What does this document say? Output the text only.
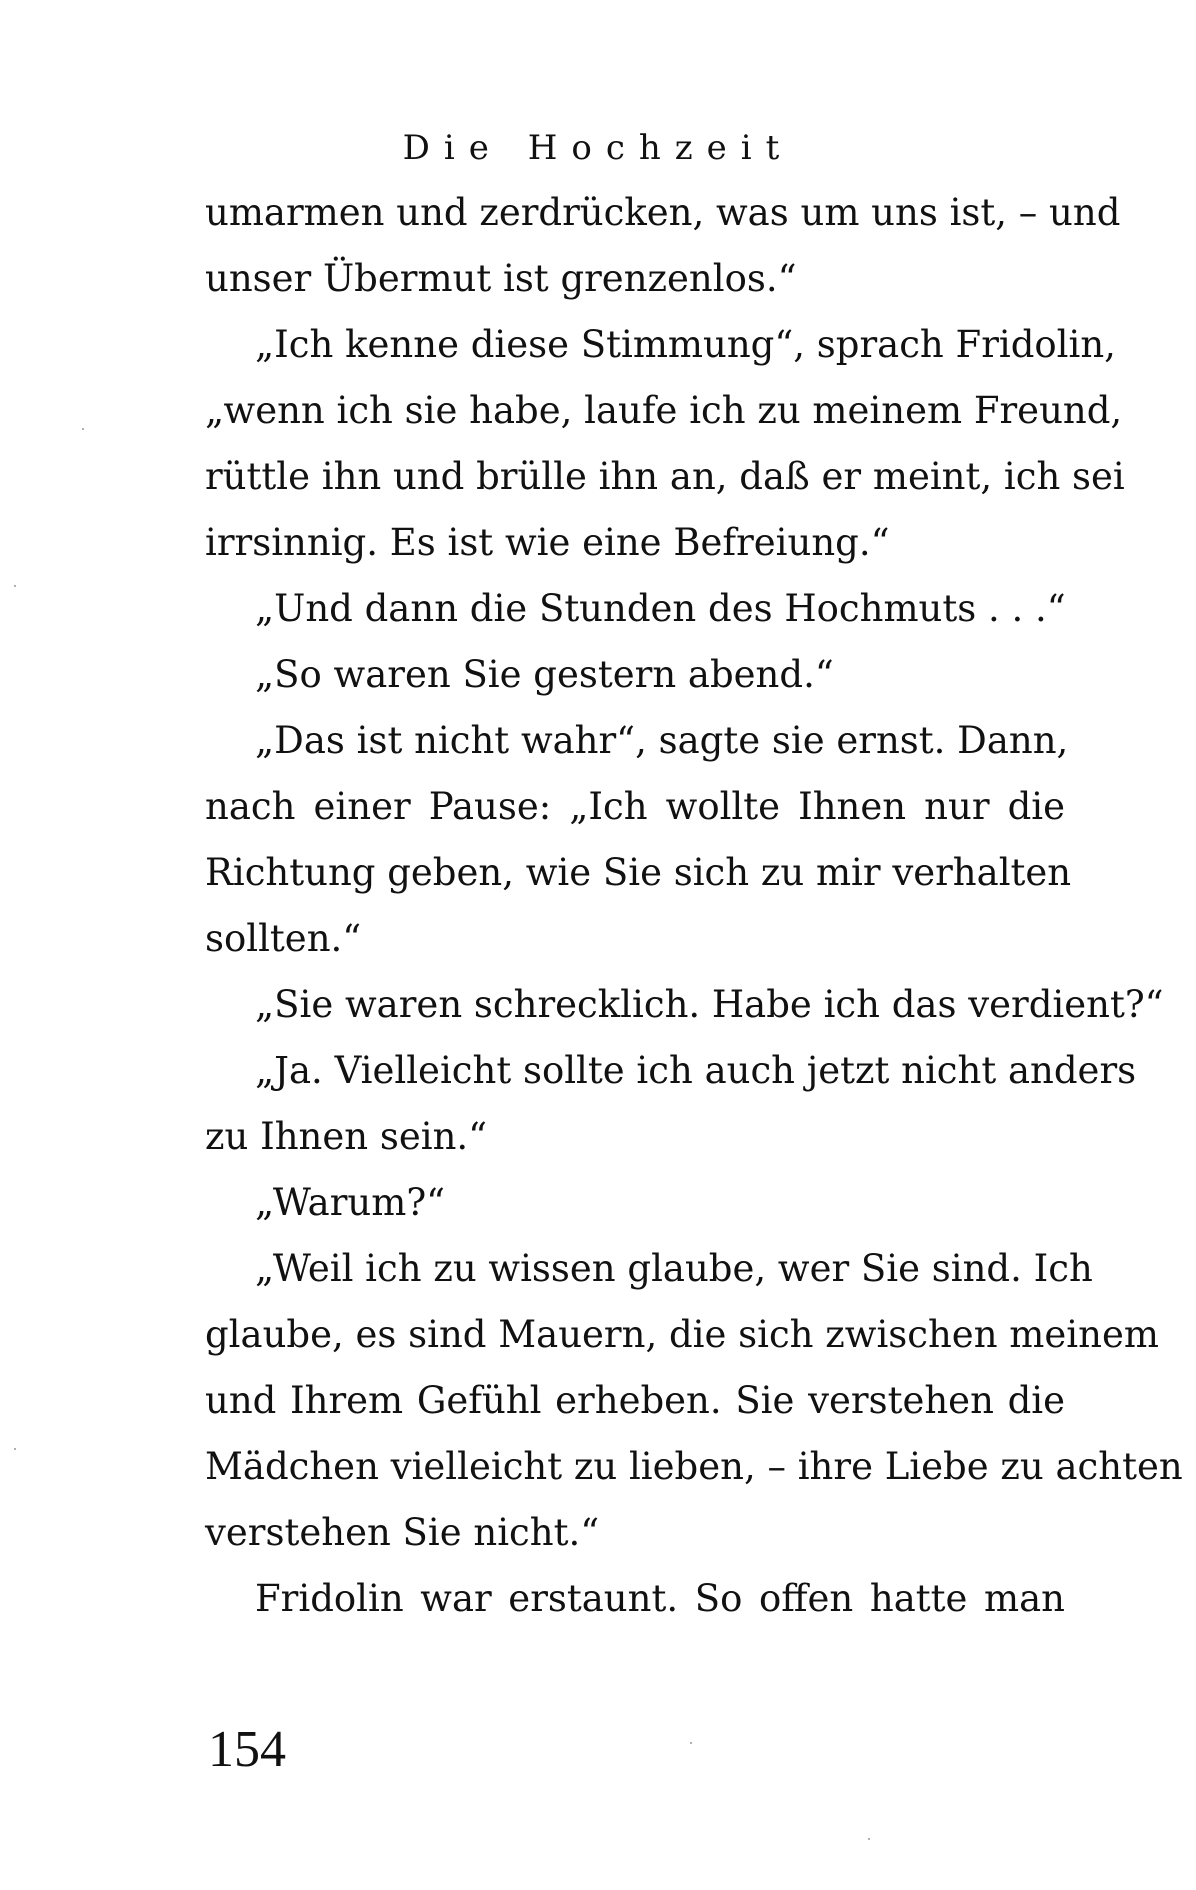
Die Hochzeit
umarmen und zerdrücken, was um uns ist, – und
unser Übermut ist grenzenlos.“
„Ich kenne diese Stimmung“, sprach Fridolin,
„wenn ich sie habe, laufe ich zu meinem Freund,
rüttle ihn und brülle ihn an, daß er meint, ich sei
irrsinnig. Es ist wie eine Befreiung.“
„Und dann die Stunden des Hochmuts . . .“
„So waren Sie gestern abend.“
„Das ist nicht wahr“, sagte sie ernst. Dann,
nach einer Pause: „Ich wollte Ihnen nur die
Richtung geben, wie Sie sich zu mir verhalten
sollten.“
„Sie waren schrecklich. Habe ich das verdient?“
„Ja. Vielleicht sollte ich auch jetzt nicht anders
zu Ihnen sein.“
„Warum?“
„Weil ich zu wissen glaube, wer Sie sind. Ich
glaube, es sind Mauern, die sich zwischen meinem
und Ihrem Gefühl erheben. Sie verstehen die
Mädchen vielleicht zu lieben, – ihre Liebe zu achten
verstehen Sie nicht.“
Fridolin war erstaunt. So offen hatte man
154
